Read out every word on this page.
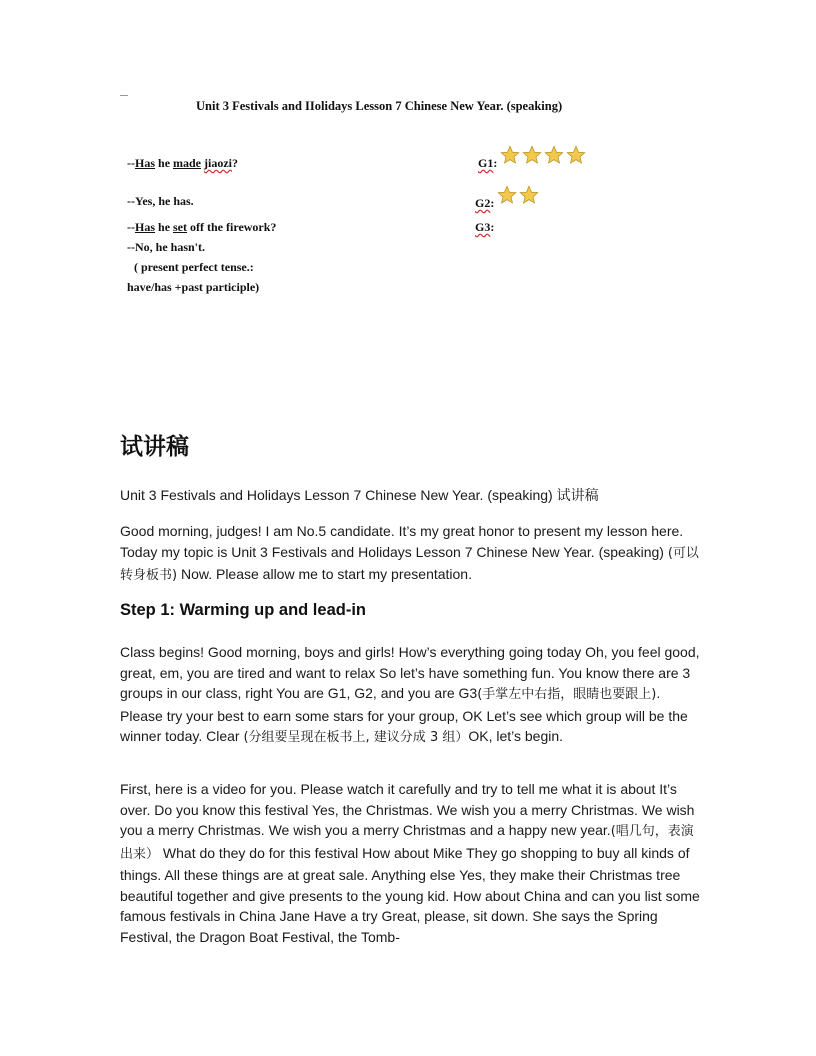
Unit 3 Festivals and IIolidays Lesson 7 Chinese New Year. (speaking)
--Has he made jiaozi?
--Yes, he has.
--Has he set off the firework?
--No, he hasn't.
( present perfect tense.:
have/has +past participle)
G1:
G2:
G3:
试讲稿
Unit 3 Festivals and Holidays Lesson 7 Chinese New Year. (speaking) 试讲稿
Good morning, judges! I am No.5 candidate. It’s my great honor to present my lesson here. Today my topic is Unit 3 Festivals and Holidays Lesson 7 Chinese New Year. (speaking) (可以转身板书) Now. Please allow me to start my presentation.
Step 1: Warming up and lead-in
Class begins! Good morning, boys and girls! How’s everything going today Oh, you feel good, great, em, you are tired and want to relax So let’s have something fun. You know there are 3 groups in our class, right You are G1, G2, and you are G3(手掌左中右指，眼睛也要跟上). Please try your best to earn some stars for your group, OK Let’s see which group will be the winner today. Clear (分组要呈现在板书上, 建议分成 3 组）OK, let’s begin.
First, here is a video for you. Please watch it carefully and try to tell me what it is about It’s over. Do you know this festival Yes, the Christmas. We wish you a merry Christmas. We wish you a merry Christmas. We wish you a merry Christmas and a happy new year.(唱几句，表演出来） What do they do for this festival How about Mike They go shopping to buy all kinds of things. All these things are at great sale. Anything else Yes, they make their Christmas tree beautiful together and give presents to the young kid. How about China and can you list some famous festivals in China Jane Have a try Great, please, sit down. She says the Spring Festival, the Dragon Boat Festival, the Tomb-
